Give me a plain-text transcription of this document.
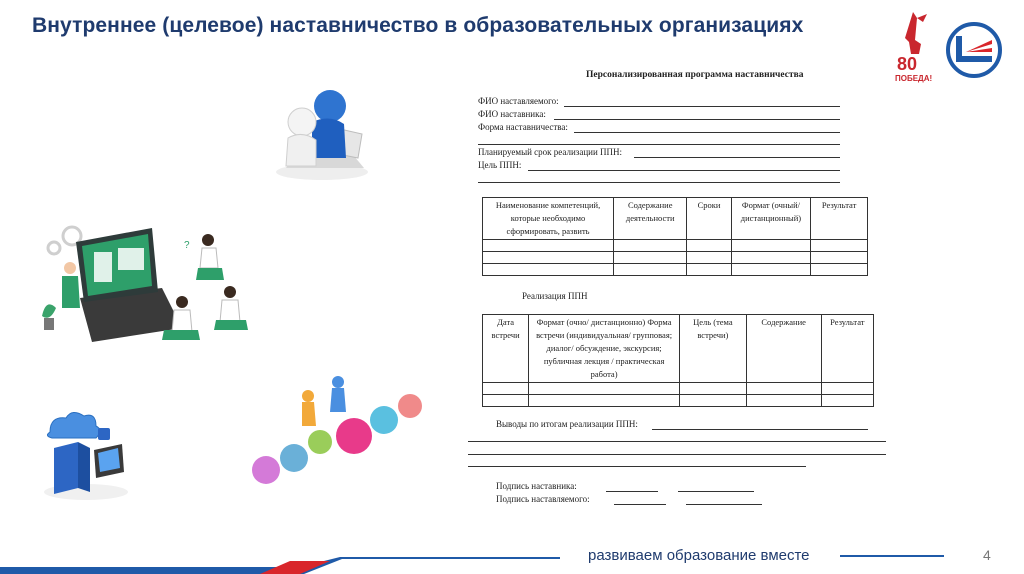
Внутреннее (целевое) наставничество в образовательных организациях
80
ПОБЕДА!
?
Персонализированная программа наставничества
ФИО наставляемого:
ФИО наставника:
Форма наставничества:
Планируемый срок реализации ППН:
Цель ППН:
Наименование компетенций, которые необходимо сформировать, развить	Содержание деятельности	Сроки	Формат (очный/ дистанционный)	Результат

Реализация ППН
Дата встречи	Формат (очно/ дистанционно) Форма встречи (индивидуальная/ групповая; диалог/ обсуждение, экскурсия; публичная лекция / практическая работа)	Цель (тема встречи)	Содержание	Результат

Выводы по итогам реализации ППН:
Подпись наставника:
Подпись наставляемого:
развиваем образование вместе	4
